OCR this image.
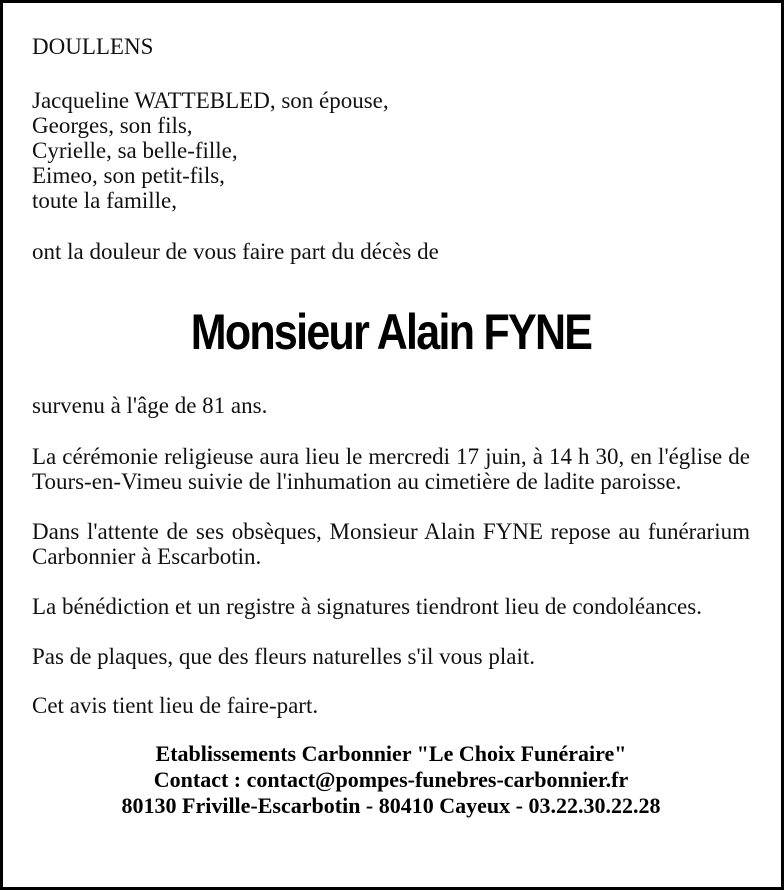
DOULLENS
Jacqueline WATTEBLED, son épouse,
Georges, son fils,
Cyrielle, sa belle-fille,
Eimeo, son petit-fils,
toute la famille,
ont la douleur de vous faire part du décès de
Monsieur Alain FYNE

survenu à l'âge de 81 ans.

La cérémonie religieuse aura lieu le mercredi 17 juin, à 14 h 30, en l'église de Tours-en-Vimeu suivie de l'inhumation au cimetière de ladite paroisse.

Dans l'attente de ses obsèques, Monsieur Alain FYNE repose au funérarium Carbonnier à Escarbotin.

La bénédiction et un registre à signatures tiendront lieu de condoléances.

Pas de plaques, que des fleurs naturelles s'il vous plait.

Cet avis tient lieu de faire-part.

Etablissements Carbonnier "Le Choix Funéraire"
Contact : contact@pompes-funebres-carbonnier.fr
80130 Friville-Escarbotin - 80410 Cayeux - 03.22.30.22.28
